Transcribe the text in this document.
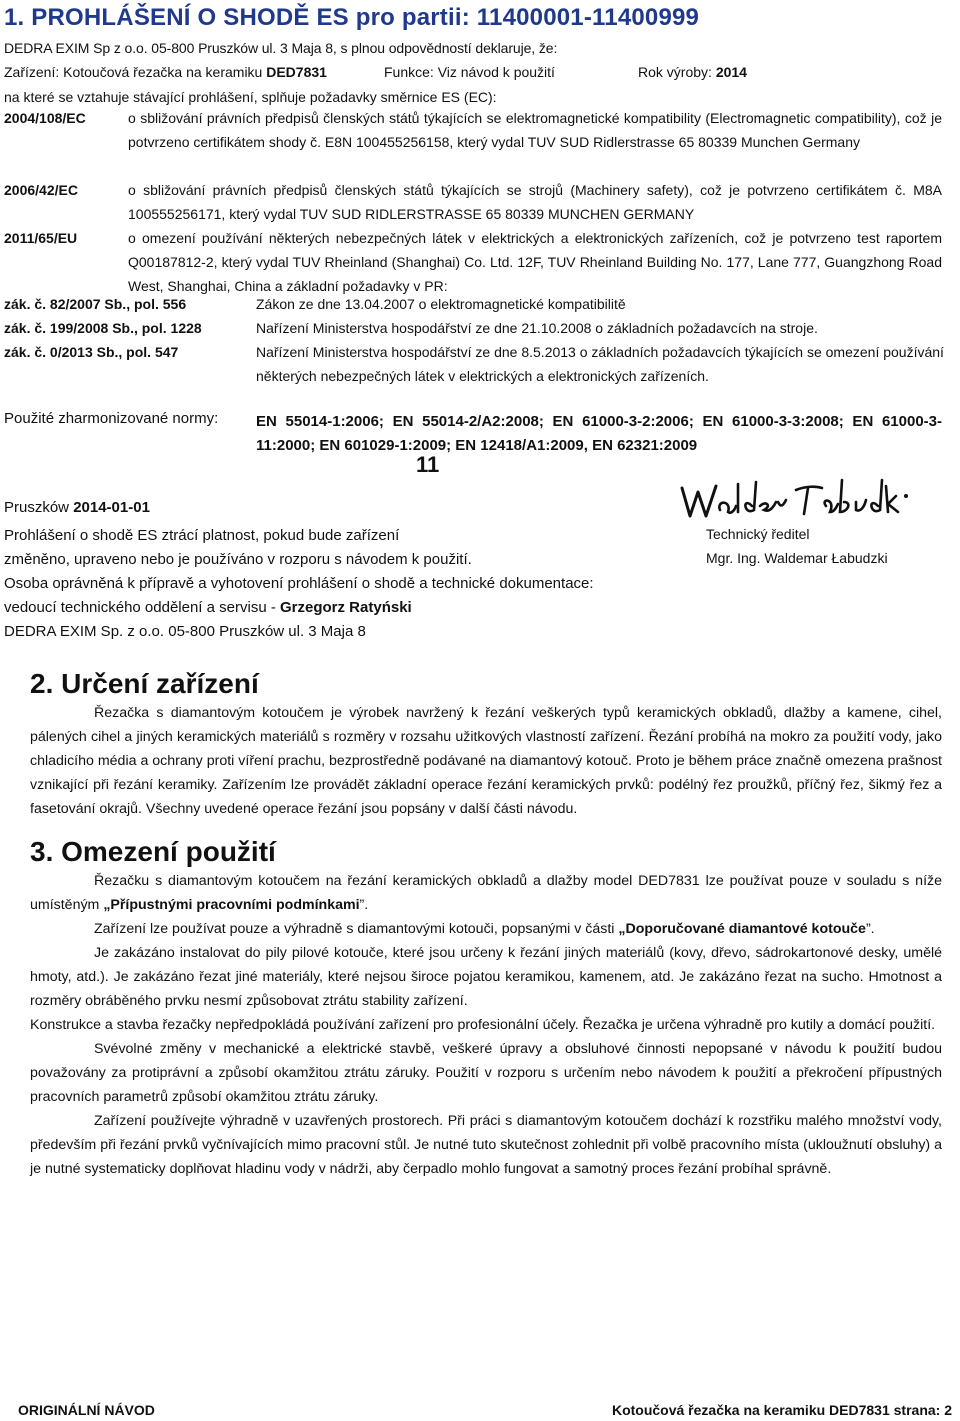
1. PROHLÁŠENÍ O SHODĚ ES pro partii: 11400001-11400999
DEDRA EXIM Sp z o.o. 05-800 Pruszków ul. 3 Maja 8, s plnou odpovědností deklaruje, že:
Zařízení: Kotoučová řezačka na keramiku DED7831	Funkce: Viz návod k použití	Rok výroby: 2014
na které se vztahuje stávající prohlášení, splňuje požadavky směrnice ES (EC):
2004/108/EC	o sbližování právních předpisů členských států týkajících se elektromagnetické kompatibility (Electromagnetic compatibility), což je potvrzeno certifikátem shody č. E8N 100455256158, který vydal TUV SUD Ridlerstrasse 65 80339 Munchen Germany
2006/42/EC	o sbližování právních předpisů členských států týkajících se strojů (Machinery safety), což je potvrzeno certifikátem č. M8A 100555256171, který vydal TUV SUD RIDLERSTRASSE 65 80339 MUNCHEN GERMANY
2011/65/EU	o omezení používání některých nebezpečných látek v elektrických a elektronických zařízeních, což je potvrzeno test raportem Q00187812-2, který vydal TUV Rheinland (Shanghai) Co. Ltd. 12F, TUV Rheinland Building No. 177, Lane 777, Guangzhong Road West, Shanghai, China a základní požadavky v PR:
zák. č. 82/2007 Sb., pol. 556	Zákon ze dne 13.04.2007 o elektromagnetické kompatibilitě
zák. č. 199/2008 Sb., pol. 1228	Nařízení Ministerstva hospodářství ze dne 21.10.2008 o základních požadavcích na stroje.
zák. č. 0/2013 Sb., pol. 547	Nařízení Ministerstva hospodářství ze dne 8.5.2013 o základních požadavcích týkajících se omezení používání některých nebezpečných látek v elektrických a elektronických zařízeních.
Použité zharmonizované normy:	EN 55014-1:2006; EN 55014-2/A2:2008; EN 61000-3-2:2006; EN 61000-3-3:2008; EN 61000-3-11:2000; EN 601029-1:2009; EN 12418/A1:2009, EN 62321:2009
11
Pruszków 2014-01-01
Technický ředitel
Mgr. Ing. Waldemar Łabudzki
Prohlášení o shodě ES ztrácí platnost, pokud bude zařízení
změněno, upraveno nebo je používáno v rozporu s návodem k použití.
Osoba oprávněná k přípravě a vyhotovení prohlášení o shodě a technické dokumentace:
vedoucí technického oddělení a servisu - Grzegorz Ratyński
DEDRA EXIM Sp. z o.o. 05-800 Pruszków ul. 3 Maja 8
2. Určení zařízení

Řezačka s diamantovým kotoučem je výrobek navržený k řezání veškerých typů keramických obkladů, dlažby a kamene, cihel, pálených cihel a jiných keramických materiálů s rozměry v rozsahu užitkových vlastností zařízení. Řezání probíhá na mokro za použití vody, jako chladicího média a ochrany proti víření prachu, bezprostředně podávané na diamantový kotouč. Proto je během práce značně omezena prašnost vznikající při řezání keramiky. Zařízením lze provádět základní operace řezání keramických prvků: podélný řez proužků, příčný řez, šikmý řez a fasetování okrajů. Všechny uvedené operace řezání jsou popsány v další části návodu.

3. Omezení použití

Řezačku s diamantovým kotoučem na řezání keramických obkladů a dlažby model DED7831 lze používat pouze v souladu s níže umístěným „Přípustnými pracovními podmínkami”.

Zařízení lze používat pouze a výhradně s diamantovými kotouči, popsanými v části „Doporučované diamantové kotouče”.

Je zakázáno instalovat do pily pilové kotouče, které jsou určeny k řezání jiných materiálů (kovy, dřevo, sádrokartonové desky, umělé hmoty, atd.). Je zakázáno řezat jiné materiály, které nejsou široce pojatou keramikou, kamenem, atd. Je zakázáno řezat na sucho. Hmotnost a rozměry obráběného prvku nesmí způsobovat ztrátu stability zařízení.

Konstrukce a stavba řezačky nepředpokládá používání zařízení pro profesionální účely. Řezačka je určena výhradně pro kutily a domácí použití.

Svévolné změny v mechanické a elektrické stavbě, veškeré úpravy a obsluhové činnosti nepopsané v návodu k použití budou považovány za protiprávní a způsobí okamžitou ztrátu záruky. Použití v rozporu s určením nebo návodem k použití a překročení přípustných pracovních parametrů způsobí okamžitou ztrátu záruky.

Zařízení používejte výhradně v uzavřených prostorech. Při práci s diamantovým kotoučem dochází k rozstřiku malého množství vody, především při řezání prvků vyčnívajících mimo pracovní stůl. Je nutné tuto skutečnost zohlednit při volbě pracovního místa (ukloužnutí obsluhy) a je nutné systematicky doplňovat hladinu vody v nádrži, aby čerpadlo mohlo fungovat a samotný proces řezání probíhal správně.

ORIGINÁLNÍ NÁVOD	Kotoučová řezačka na keramiku DED7831 strana: 2
